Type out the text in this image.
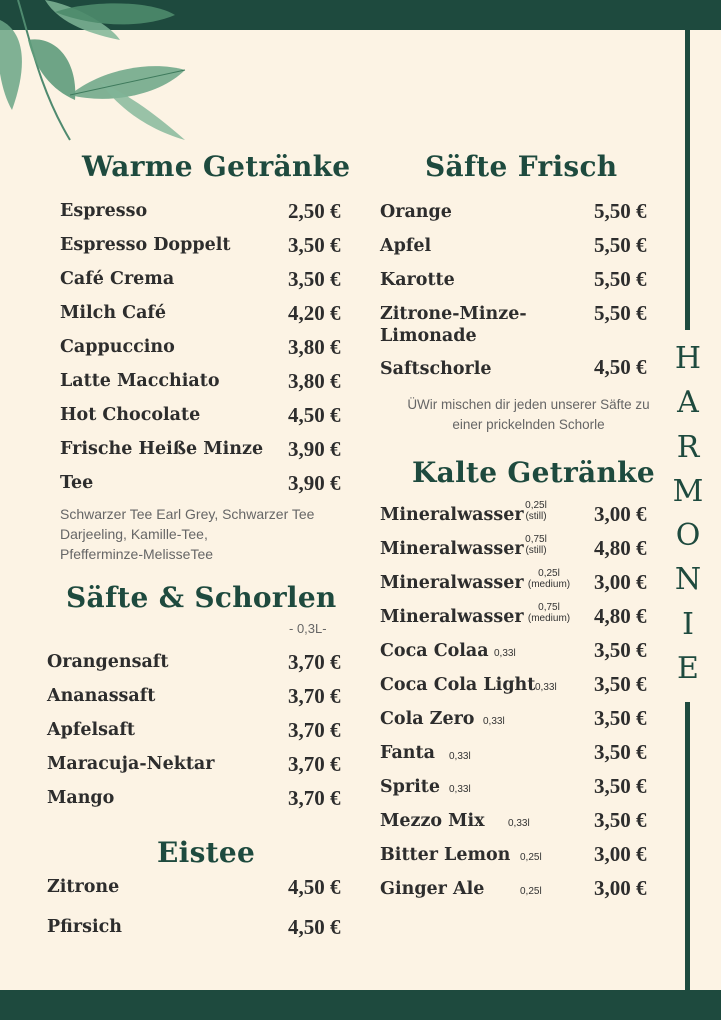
H
A
R
M
O
N
I
E
Warme Getränke
Espresso	2,50 €
Espresso Doppelt	3,50 €
Café Crema	3,50 €
Milch Café	4,20 €
Cappuccino	3,80 €
Latte Macchiato	3,80 €
Hot Chocolate	4,50 €
Frische Heiße Minze 3,90 €
Tee	3,90 €
Schwarzer Tee Earl Grey, Schwarzer Tee
Darjeeling, Kamille-Tee,
Pfefferminze-MelisseTee
Säfte & Schorlen
- 0,3L-
Orangensaft	3,70 €
Ananassaft	3,70 €
Apfelsaft	3,70 €
Maracuja-Nektar	3,70 €
Mango	3,70 €
Eistee
Zitrone	4,50 €
Pfirsich	4,50 €
Säfte Frisch
Orange	5,50 €
Apfel	5,50 €
Karotte	5,50 €
Zitrone-Minze-
Limonade
5,50 €
Saftschorle	4,50 €
ÜWir mischen dir jeden unserer Säfte zu
einer prickelnden Schorle
Kalte Getränke
Mineralwasser 0,25l
(still) 3,00 €
Mineralwasser 0,75l
(still) 4,80 €
Mineralwasser	0,25l
(medium)	3,00 €
Mineralwasser	0,75l
(medium)	4,80 €
Coca Colaa 0,33l	3,50 €
Coca Cola Light 0,33l 3,50 €
Cola Zero 0,33l	3,50 €
Fanta 0,33l	3,50 €
Sprite 0,33l	3,50 €
Mezzo Mix 0,33l	3,50 €
Bitter Lemon 0,25l 3,00 €
Ginger Ale	0,25l 3,00 €
